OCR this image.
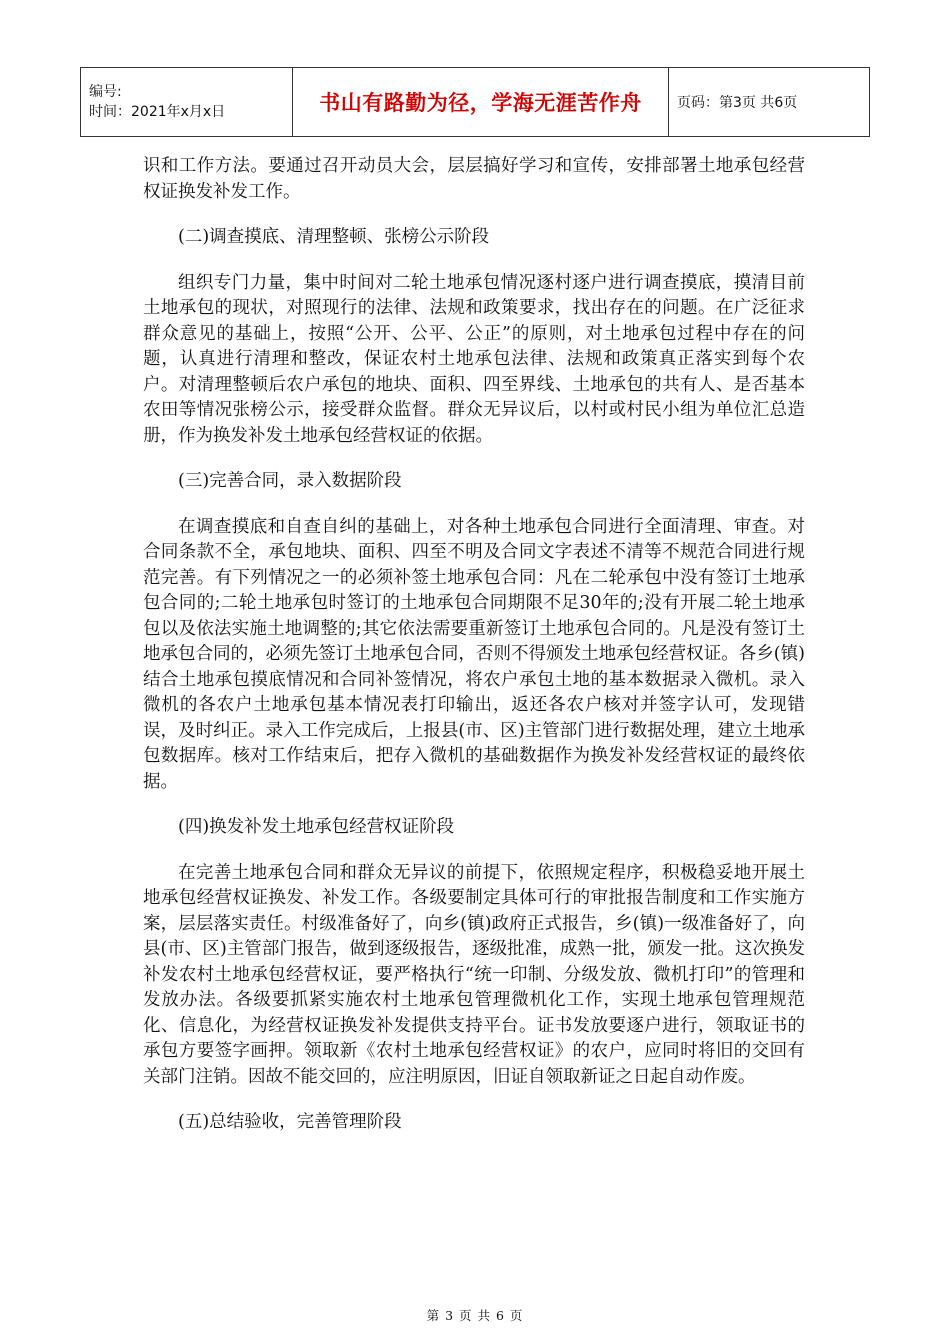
编号:
时间：2021年x月x日	书山有路勤为径，学海无涯苦作舟	页码：第3页 共6页

识和工作方法。要通过召开动员大会，层层搞好学习和宣传，安排部署土地承包经营权证换发补发工作。

(二)调查摸底、清理整顿、张榜公示阶段

组织专门力量，集中时间对二轮土地承包情况逐村逐户进行调查摸底，摸清目前土地承包的现状，对照现行的法律、法规和政策要求，找出存在的问题。在广泛征求群众意见的基础上，按照“公开、公平、公正”的原则，对土地承包过程中存在的问题，认真进行清理和整改，保证农村土地承包法律、法规和政策真正落实到每个农户。对清理整顿后农户承包的地块、面积、四至界线、土地承包的共有人、是否基本农田等情况张榜公示，接受群众监督。群众无异议后，以村或村民小组为单位汇总造册，作为换发补发土地承包经营权证的依据。

(三)完善合同，录入数据阶段

在调查摸底和自查自纠的基础上，对各种土地承包合同进行全面清理、审查。对合同条款不全，承包地块、面积、四至不明及合同文字表述不清等不规范合同进行规范完善。有下列情况之一的必须补签土地承包合同：凡在二轮承包中没有签订土地承包合同的;二轮土地承包时签订的土地承包合同期限不足30年的;没有开展二轮土地承包以及依法实施土地调整的;其它依法需要重新签订土地承包合同的。凡是没有签订土地承包合同的，必须先签订土地承包合同，否则不得颁发土地承包经营权证。各乡(镇)结合土地承包摸底情况和合同补签情况，将农户承包土地的基本数据录入微机。录入微机的各农户土地承包基本情况表打印输出，返还各农户核对并签字认可，发现错误，及时纠正。录入工作完成后，上报县(市、区)主管部门进行数据处理，建立土地承包数据库。核对工作结束后，把存入微机的基础数据作为换发补发经营权证的最终依据。

(四)换发补发土地承包经营权证阶段

在完善土地承包合同和群众无异议的前提下，依照规定程序，积极稳妥地开展土地承包经营权证换发、补发工作。各级要制定具体可行的审批报告制度和工作实施方案，层层落实责任。村级准备好了，向乡(镇)政府正式报告，乡(镇)一级准备好了，向县(市、区)主管部门报告，做到逐级报告，逐级批准，成熟一批，颁发一批。这次换发补发农村土地承包经营权证，要严格执行“统一印制、分级发放、微机打印”的管理和发放办法。各级要抓紧实施农村土地承包管理微机化工作，实现土地承包管理规范化、信息化，为经营权证换发补发提供支持平台。证书发放要逐户进行，领取证书的承包方要签字画押。领取新《农村土地承包经营权证》的农户，应同时将旧的交回有关部门注销。因故不能交回的，应注明原因，旧证自领取新证之日起自动作废。

(五)总结验收，完善管理阶段

第 3 页 共 6 页
